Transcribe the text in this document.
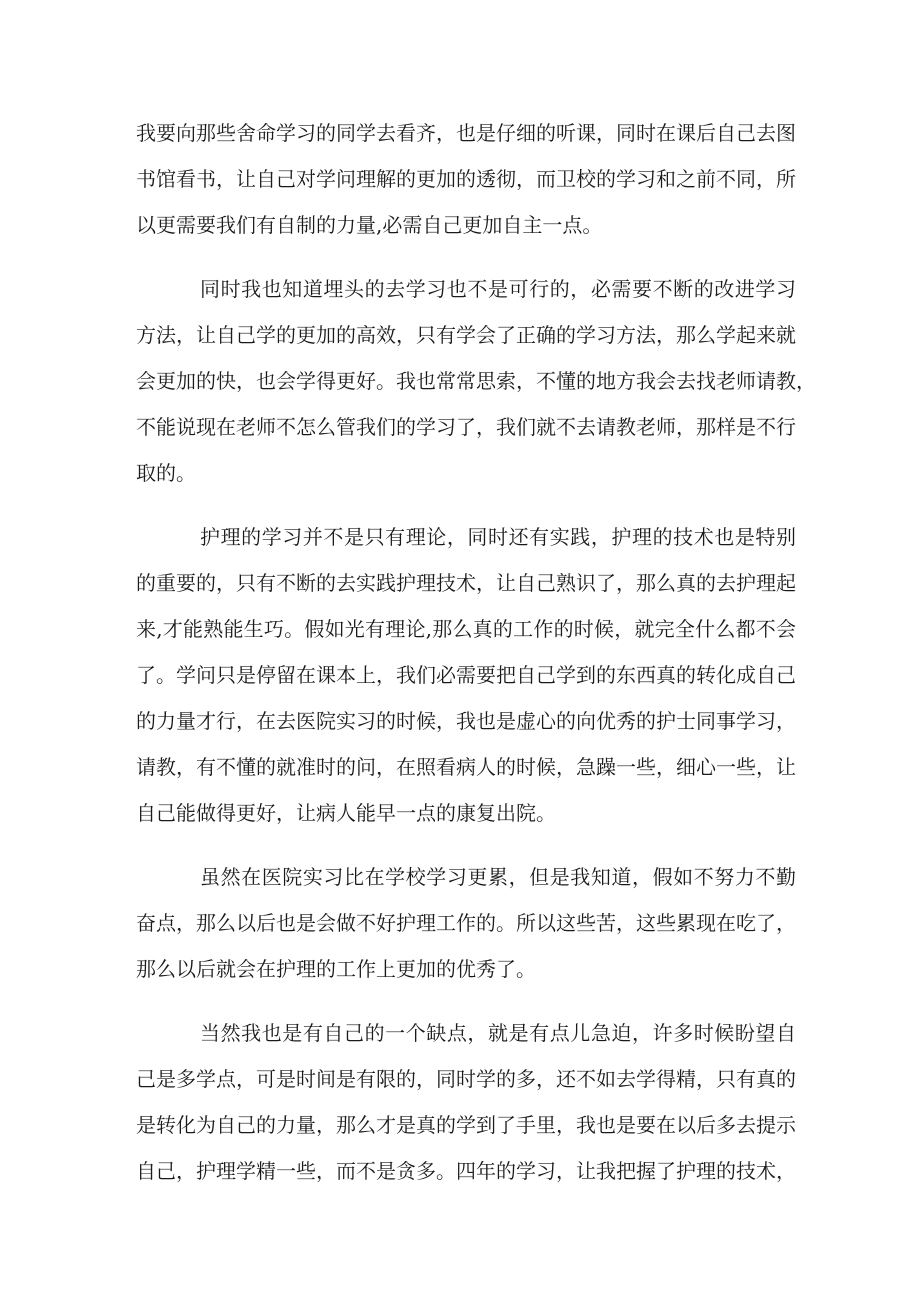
我要向那些舍命学习的同学去看齐，也是仔细的听课，同时在课后自己去图
书馆看书，让自己对学问理解的更加的透彻，而卫校的学习和之前不同，所
以更需要我们有自制的力量,必需自己更加自主一点。
同时我也知道埋头的去学习也不是可行的，必需要不断的改进学习
方法，让自己学的更加的高效，只有学会了正确的学习方法，那么学起来就
会更加的快，也会学得更好。我也常常思索，不懂的地方我会去找老师请教，
不能说现在老师不怎么管我们的学习了，我们就不去请教老师，那样是不行
取的。
护理的学习并不是只有理论，同时还有实践，护理的技术也是特别
的重要的，只有不断的去实践护理技术，让自己熟识了，那么真的去护理起
来,才能熟能生巧。假如光有理论,那么真的工作的时候，就完全什么都不会
了。学问只是停留在课本上，我们必需要把自己学到的东西真的转化成自己
的力量才行，在去医院实习的时候，我也是虚心的向优秀的护士同事学习，
请教，有不懂的就准时的问，在照看病人的时候，急躁一些，细心一些，让
自己能做得更好，让病人能早一点的康复出院。
虽然在医院实习比在学校学习更累，但是我知道，假如不努力不勤
奋点，那么以后也是会做不好护理工作的。所以这些苦，这些累现在吃了，
那么以后就会在护理的工作上更加的优秀了。
当然我也是有自己的一个缺点，就是有点儿急迫，许多时候盼望自
己是多学点，可是时间是有限的，同时学的多，还不如去学得精，只有真的
是转化为自己的力量，那么才是真的学到了手里，我也是要在以后多去提示
自己，护理学精一些，而不是贪多。四年的学习，让我把握了护理的技术，
